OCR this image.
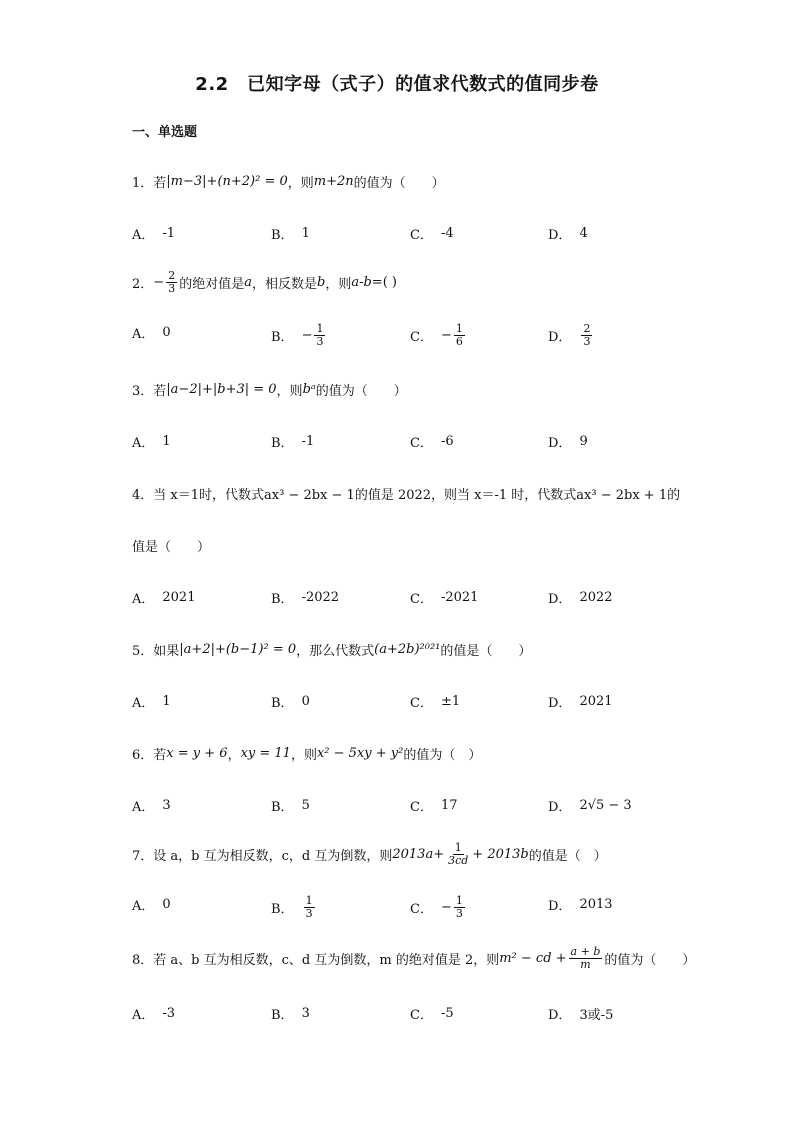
2.2　已知字母（式子）的值求代数式的值同步卷
一、单选题
1． 若 |m−3|+(n+2)² = 0 ，则 m+2n 的值为（　　）
A． -1	B． 1	C． -4	D． 4
2． − $\frac{2}{3}$ 的绝对值是 a ，相反数是 b ，则 a-b =( )
A． 0	B． − $\frac{1}{3}$	C． − $\frac{1}{6}$	D． $\frac{2}{3}$
3． 若 |a−2|+|b+3| = 0 ，则 bᵃ 的值为（　　）
A． 1	B． -1	C． -6	D． 9
4． 当 x＝1时，代数式ax³ − 2bx − 1的值是 2022，则当 x＝-1 时，代数式ax³ − 2bx + 1的
值是（　　）
A． 2021	B． -2022	C． -2021	D． 2022
5． 如果 |a+2|+(b−1)² = 0 ，那么代数式 (a+2b)²⁰²¹ 的值是（　　）
A． 1	B． 0	C． ±1	D． 2021
6． 若 x = y + 6 ， xy = 11 ，则 x² − 5xy + y² 的值为（　）
A． 3	B． 5	C． 17	D． 2√5 − 3
7． 设 a，b 互为相反数，c，d 互为倒数，则 $2013a+ \frac{1}{3cd} + 2013b$ 的值是（　）
A． 0	B． $\frac{1}{3}$	C． − $\frac{1}{3}$	D． 2013
8． 若 a、b 互为相反数，c、d 互为倒数，m 的绝对值是 2，则 m² − cd + $\frac{a + b}{m}$ 的值为（　　）
A． -3	B． 3	C． -5	D． 3或-5
